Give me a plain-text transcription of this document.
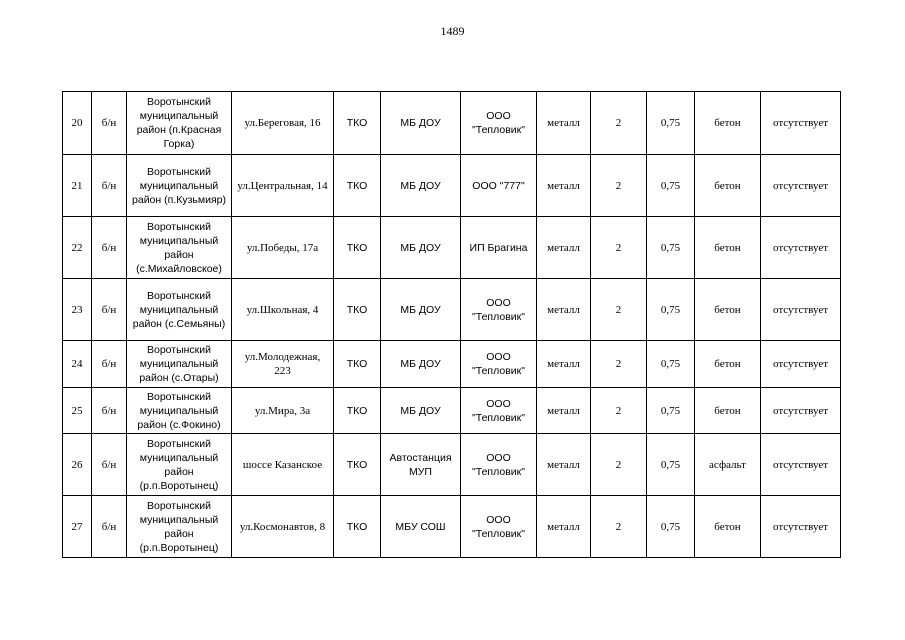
1489
20	б/н	Воротынский
муниципальный
район (п.Красная
Горка)	ул.Береговая, 16	ТКО	МБ ДОУ	ООО
"Тепловик"	металл	2	0,75	бетон	отсутствует
21	б/н	Воротынский
муниципальный
район (п.Кузьмияр)	ул.Центральная, 14	ТКО	МБ ДОУ	ООО "777"	металл	2	0,75	бетон	отсутствует
22	б/н	Воротынский
муниципальный
район
(с.Михайловское)	ул.Победы, 17а	ТКО	МБ ДОУ	ИП Брагина	металл	2	0,75	бетон	отсутствует
23	б/н	Воротынский
муниципальный
район (с.Семьяны)	ул.Школьная, 4	ТКО	МБ ДОУ	ООО
"Тепловик"	металл	2	0,75	бетон	отсутствует
24	б/н	Воротынский
муниципальный
район (с.Отары)	ул.Молодежная,
223	ТКО	МБ ДОУ	ООО
"Тепловик"	металл	2	0,75	бетон	отсутствует
25	б/н	Воротынский
муниципальный
район (с.Фокино)	ул.Мира, 3а	ТКО	МБ ДОУ	ООО
"Тепловик"	металл	2	0,75	бетон	отсутствует
26	б/н	Воротынский
муниципальный
район
(р.п.Воротынец)	шоссе Казанское	ТКО	Автостанция
МУП	ООО
"Тепловик"	металл	2	0,75	асфальт	отсутствует
27	б/н	Воротынский
муниципальный
район
(р.п.Воротынец)	ул.Космонавтов, 8	ТКО	МБУ СОШ	ООО
"Тепловик"	металл	2	0,75	бетон	отсутствует
